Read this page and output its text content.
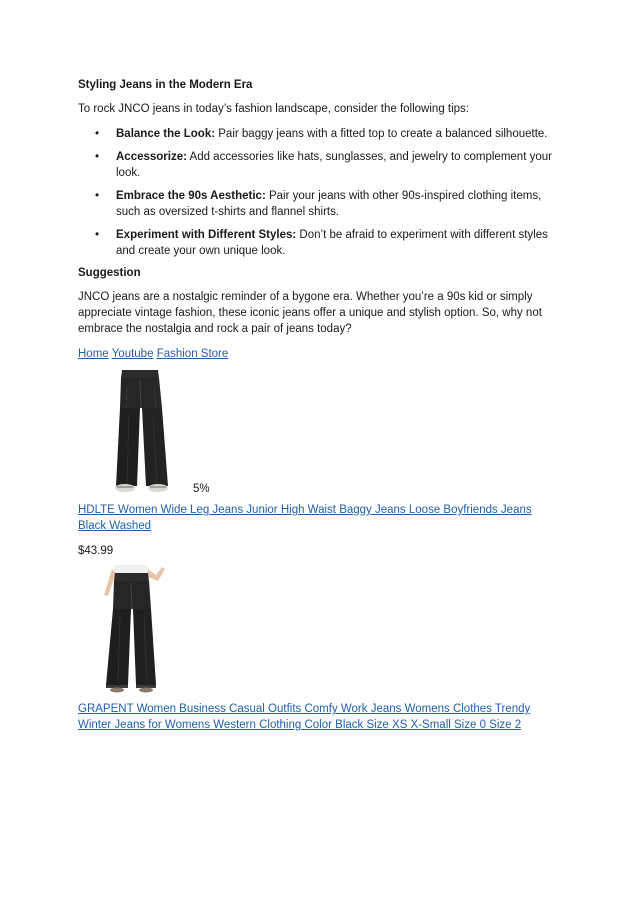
Styling Jeans in the Modern Era

To rock JNCO jeans in today’s fashion landscape, consider the following tips:

• Balance the Look: Pair baggy jeans with a fitted top to create a balanced silhouette.
• Accessorize: Add accessories like hats, sunglasses, and jewelry to complement your look.
• Embrace the 90s Aesthetic: Pair your jeans with other 90s-inspired clothing items, such as oversized t-shirts and flannel shirts.
• Experiment with Different Styles: Don’t be afraid to experiment with different styles and create your own unique look.
Suggestion

JNCO jeans are a nostalgic reminder of a bygone era. Whether you’re a 90s kid or simply appreciate vintage fashion, these iconic jeans offer a unique and stylish option. So, why not embrace the nostalgia and rock a pair of jeans today?

Home Youtube Fashion Store
5%
HDLTE Women Wide Leg Jeans Junior High Waist Baggy Jeans Loose Boyfriends Jeans Black Washed
$43.99
GRAPENT Women Business Casual Outfits Comfy Work Jeans Womens Clothes Trendy Winter Jeans for Womens Western Clothing Color Black Size XS X-Small Size 0 Size 2
